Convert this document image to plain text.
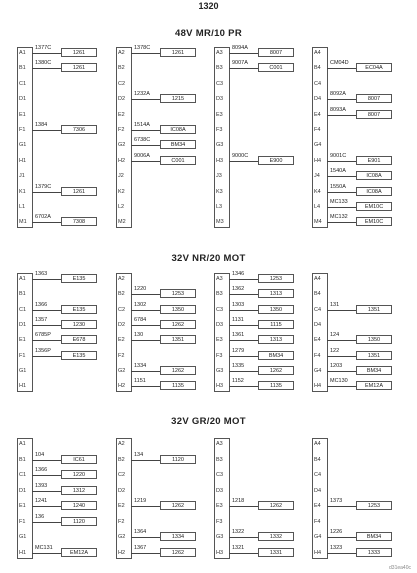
1320
48V MR/10 PR
A1
1377C
1261
B1
1380C
1261
C1
D1
E1
F1
1384
7306
G1
H1
J1
K1
1379C
1261
L1
M1
6702A
7308
A2
1378C
1261
B2
C2
D2
1232A
1215
E2
F2
1514A
IC08A
G2
6738C
BM34
H2
9006A
C001
J2
K2
L2
M2
A3
8094A
8007
B3
9007A
C001
C3
D3
E3
F3
G3
H3
9000C
E900
J3
K3
L3
M3
A4
B4
CM04D
EC04A
C4
D4
8092A
8007
E4
8093A
8007
F4
G4
H4
9001C
E901
J4
1540A
IC08A
K4
1550A
IC08A
L4
MC133
EM10C
M4
MC132
EM10C
32V NR/20 MOT
A1
1363
E135
B1
C1
1366
E135
D1
1357
1230
E1
6785P
E678
F1
1356P
E135
G1
H1
A2
B2
1220
1253
C2
1302
1350
D2
6784
1262
E2
130
1351
F2
G2
1334
1262
H2
1151
1135
A3
1346
1253
B3
1362
1313
C3
1303
1350
D3
1131
1115
E3
1361
1313
F3
1279
BM34
G3
1335
1262
H3
1152
1135
A4
B4
C4
131
1351
D4
E4
124
1350
F4
122
1351
G4
1203
BM34
H4
MC130
EM12A
32V GR/20 MOT
A1
B1
104
IC61
C1
1366
1220
D1
1393
1312
E1
1241
1240
F1
136
1120
G1
H1
MC131
EM12A
A2
B2
134
1120
C2
D2
E2
1219
1262
F2
G2
1364
1334
H2
1367
1262
A3
B3
C3
D3
E3
1218
1262
F3
G3
1322
1332
H3
1321
1331
A4
B4
C4
D4
E4
1373
1253
F4
G4
1226
BM34
H4
1323
1333
d31ea40c
